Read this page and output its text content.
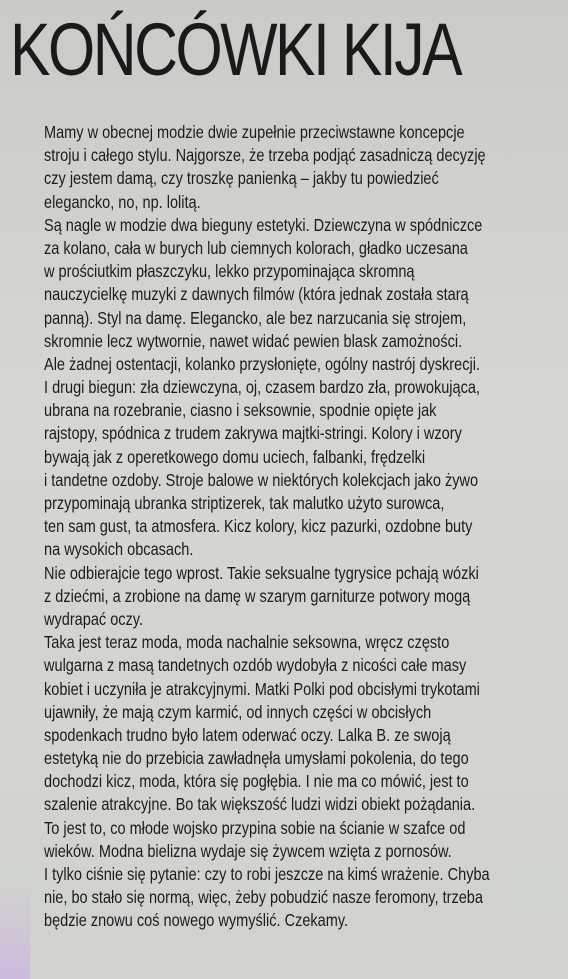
KOŃCÓWKI KIJA
Mamy w obecnej modzie dwie zupełnie przeciwstawne koncepcje
stroju i całego stylu. Najgorsze, że trzeba podjąć zasadniczą decyzję
czy jestem damą, czy troszkę panienką – jakby tu powiedzieć
elegancko, no, np. lolitą.
Są nagle w modzie dwa bieguny estetyki. Dziewczyna w spódniczce
za kolano, cała w burych lub ciemnych kolorach, gładko uczesana
w prościutkim płaszczyku, lekko przypominająca skromną
nauczycielkę muzyki z dawnych filmów (która jednak została starą
panną). Styl na damę. Elegancko, ale bez narzucania się strojem,
skromnie lecz wytwornie, nawet widać pewien blask zamożności.
Ale żadnej ostentacji, kolanko przysłonięte, ogólny nastrój dyskrecji.
I drugi biegun: zła dziewczyna, oj, czasem bardzo zła, prowokująca,
ubrana na rozebranie, ciasno i seksownie, spodnie opięte jak
rajstopy, spódnica z trudem zakrywa majtki-stringi. Kolory i wzory
bywają jak z operetkowego domu uciech, falbanki, frędzelki
i tandetne ozdoby. Stroje balowe w niektórych kolekcjach jako żywo
przypominają ubranka striptizerek, tak malutko użyto surowca,
ten sam gust, ta atmosfera. Kicz kolory, kicz pazurki, ozdobne buty
na wysokich obcasach.
Nie odbierajcie tego wprost. Takie seksualne tygrysice pchają wózki
z dziećmi, a zrobione na damę w szarym garniturze potwory mogą
wydrapać oczy.
Taka jest teraz moda, moda nachalnie seksowna, wręcz często
wulgarna z masą tandetnych ozdób wydobyła z nicości całe masy
kobiet i uczyniła je atrakcyjnymi. Matki Polki pod obcisłymi trykotami
ujawniły, że mają czym karmić, od innych części w obcisłych
spodenkach trudno było latem oderwać oczy. Lalka B. ze swoją
estetyką nie do przebicia zawładnęła umysłami pokolenia, do tego
dochodzi kicz, moda, która się pogłębia. I nie ma co mówić, jest to
szalenie atrakcyjne. Bo tak większość ludzi widzi obiekt pożądania.
To jest to, co młode wojsko przypina sobie na ścianie w szafce od
wieków. Modna bielizna wydaje się żywcem wzięta z pornosów.
I tylko ciśnie się pytanie: czy to robi jeszcze na kimś wrażenie. Chyba
nie, bo stało się normą, więc, żeby pobudzić nasze feromony, trzeba
będzie znowu coś nowego wymyślić. Czekamy.
